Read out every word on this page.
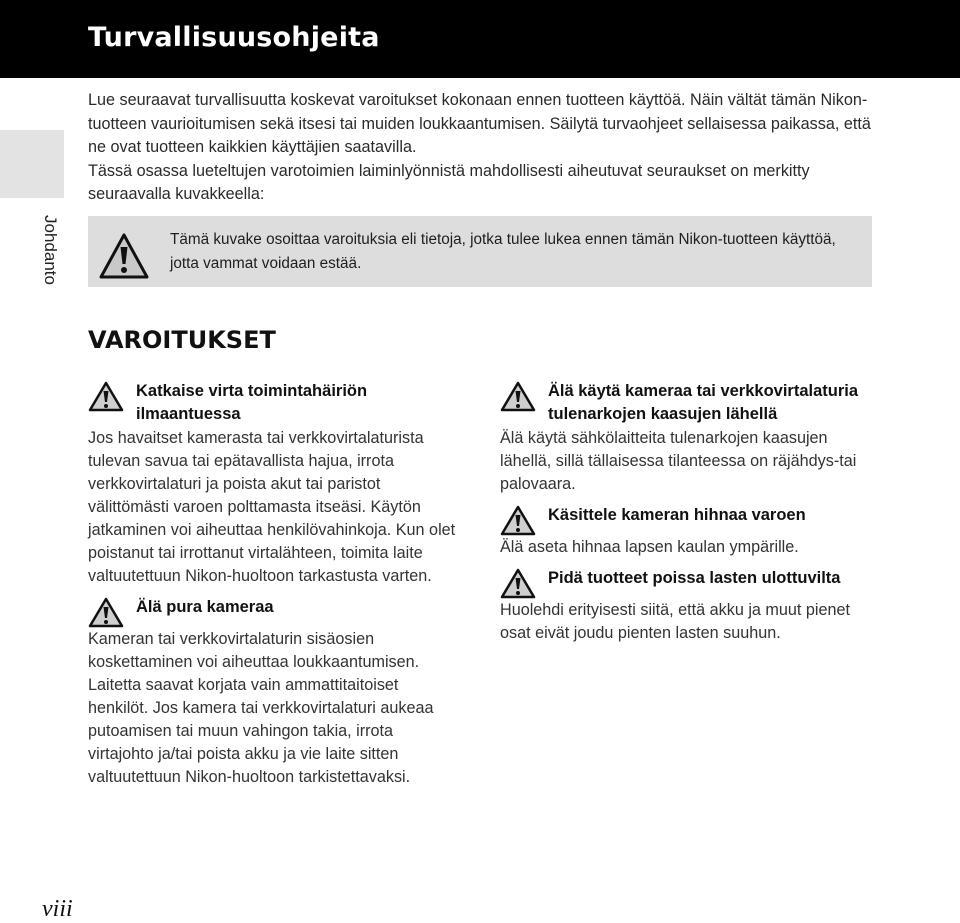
Turvallisuusohjeita
Johdanto

Lue seuraavat turvallisuutta koskevat varoitukset kokonaan ennen tuotteen käyttöä. Näin vältät tämän Nikon-tuotteen vaurioitumisen sekä itsesi tai muiden loukkaantumisen. Säilytä turvaohjeet sellaisessa paikassa, että ne ovat tuotteen kaikkien käyttäjien saatavilla.

Tässä osassa lueteltujen varotoimien laiminlyönnistä mahdollisesti aiheutuvat seuraukset on merkitty seuraavalla kuvakkeella:

Tämä kuvake osoittaa varoituksia eli tietoja, jotka tulee lukea ennen tämän Nikon-tuotteen käyttöä, jotta vammat voidaan estää.
VAROITUKSET
Katkaise virta toimintahäiriön ilmaantuessa
Jos havaitset kamerasta tai verkkovirtalaturista tulevan savua tai epätavallista hajua, irrota verkkovirtalaturi ja poista akut tai paristot välittömästi varoen polttamasta itseäsi. Käytön jatkaminen voi aiheuttaa henkilövahinkoja. Kun olet poistanut tai irrottanut virtalähteen, toimita laite valtuutettuun Nikon-huoltoon tarkastusta varten.
Älä pura kameraa
Kameran tai verkkovirtalaturin sisäosien koskettaminen voi aiheuttaa loukkaantumisen. Laitetta saavat korjata vain ammattitaitoiset henkilöt. Jos kamera tai verkkovirtalaturi aukeaa putoamisen tai muun vahingon takia, irrota virtajohto ja/tai poista akku ja vie laite sitten valtuutettuun Nikon-huoltoon tarkistettavaksi.
Älä käytä kameraa tai verkkovirtalaturia tulenarkojen kaasujen lähellä
Älä käytä sähkölaitteita tulenarkojen kaasujen lähellä, sillä tällaisessa tilanteessa on räjähdys-tai palovaara.
Käsittele kameran hihnaa varoen
Älä aseta hihnaa lapsen kaulan ympärille.
Pidä tuotteet poissa lasten ulottuvilta
Huolehdi erityisesti siitä, että akku ja muut pienet osat eivät joudu pienten lasten suuhun.
viii
